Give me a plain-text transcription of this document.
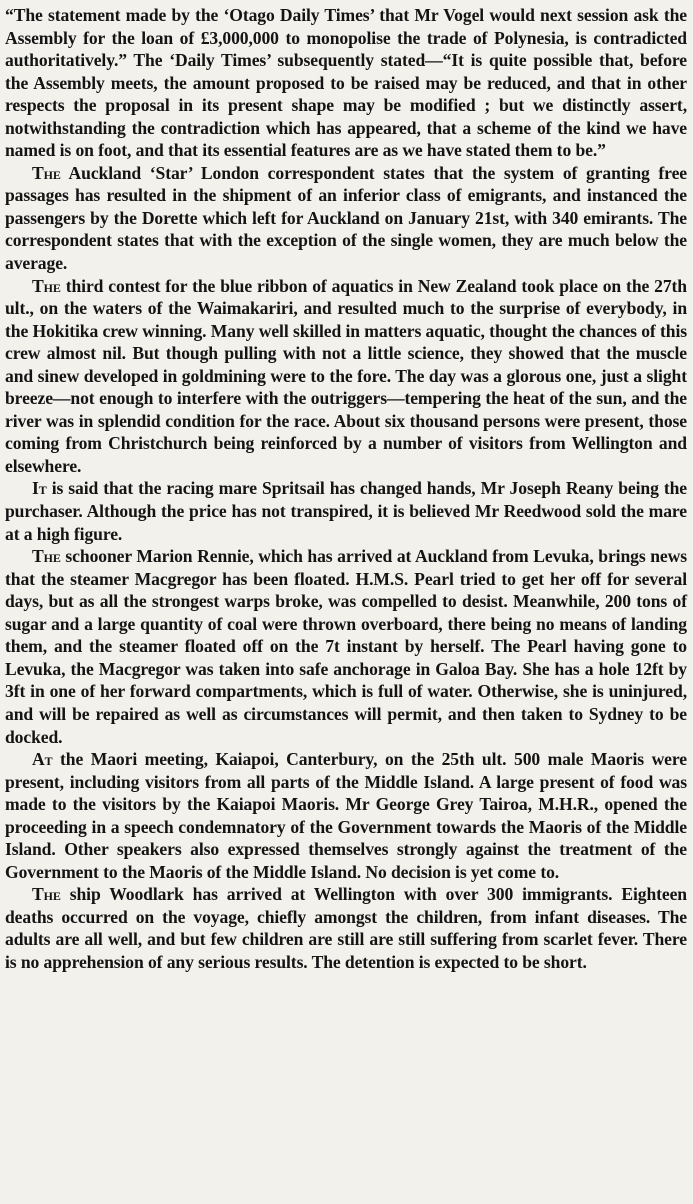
“The statement made by the ‘Otago Daily Times’ that Mr Vogel would next session ask the Assembly for the loan of £3,000,000 to monopolise the trade of Polynesia, is contradicted authoritatively.” The ‘Daily Times’ subsequently stated—“It is quite possible that, before the Assembly meets, the amount proposed to be raised may be reduced, and that in other respects the proposal in its present shape may be modified ; but we distinctly assert, notwithstanding the contradiction which has appeared, that a scheme of the kind we have named is on foot, and that its essential features are as we have stated them to be.”

The Auckland ‘Star’ London correspondent states that the system of granting free passages has resulted in the shipment of an inferior class of emigrants, and instanced the passengers by the Dorette which left for Auckland on January 21st, with 340 emirants. The correspondent states that with the exception of the single women, they are much below the average.

The third contest for the blue ribbon of aquatics in New Zealand took place on the 27th ult., on the waters of the Waimakariri, and resulted much to the surprise of everybody, in the Hokitika crew winning. Many well skilled in matters aquatic, thought the chances of this crew almost nil. But though pulling with not a little science, they showed that the muscle and sinew developed in goldmining were to the fore. The day was a glorous one, just a slight breeze—not enough to interfere with the outriggers—tempering the heat of the sun, and the river was in splendid condition for the race. About six thousand persons were present, those coming from Christchurch being reinforced by a number of visitors from Wellington and elsewhere.

It is said that the racing mare Spritsail has changed hands, Mr Joseph Reany being the purchaser. Although the price has not transpired, it is believed Mr Reedwood sold the mare at a high figure.

The schooner Marion Rennie, which has arrived at Auckland from Levuka, brings news that the steamer Macgregor has been floated. H.M.S. Pearl tried to get her off for several days, but as all the strongest warps broke, was compelled to desist. Meanwhile, 200 tons of sugar and a large quantity of coal were thrown overboard, there being no means of landing them, and the steamer floated off on the 7t instant by herself. The Pearl having gone to Levuka, the Macgregor was taken into safe anchorage in Galoa Bay. She has a hole 12ft by 3ft in one of her forward compartments, which is full of water. Otherwise, she is uninjured, and will be repaired as well as circumstances will permit, and then taken to Sydney to be docked.

At the Maori meeting, Kaiapoi, Canterbury, on the 25th ult. 500 male Maoris were present, including visitors from all parts of the Middle Island. A large present of food was made to the visitors by the Kaiapoi Maoris. Mr George Grey Tairoa, M.H.R., opened the proceeding in a speech condemnatory of the Government towards the Maoris of the Middle Island. Other speakers also expressed themselves strongly against the treatment of the Government to the Maoris of the Middle Island. No decision is yet come to.

The ship Woodlark has arrived at Wellington with over 300 immigrants. Eighteen deaths occurred on the voyage, chiefly amongst the children, from infant diseases. The adults are all well, and but few children are still are still suffering from scarlet fever. There is no apprehension of any serious results. The detention is expected to be short.
